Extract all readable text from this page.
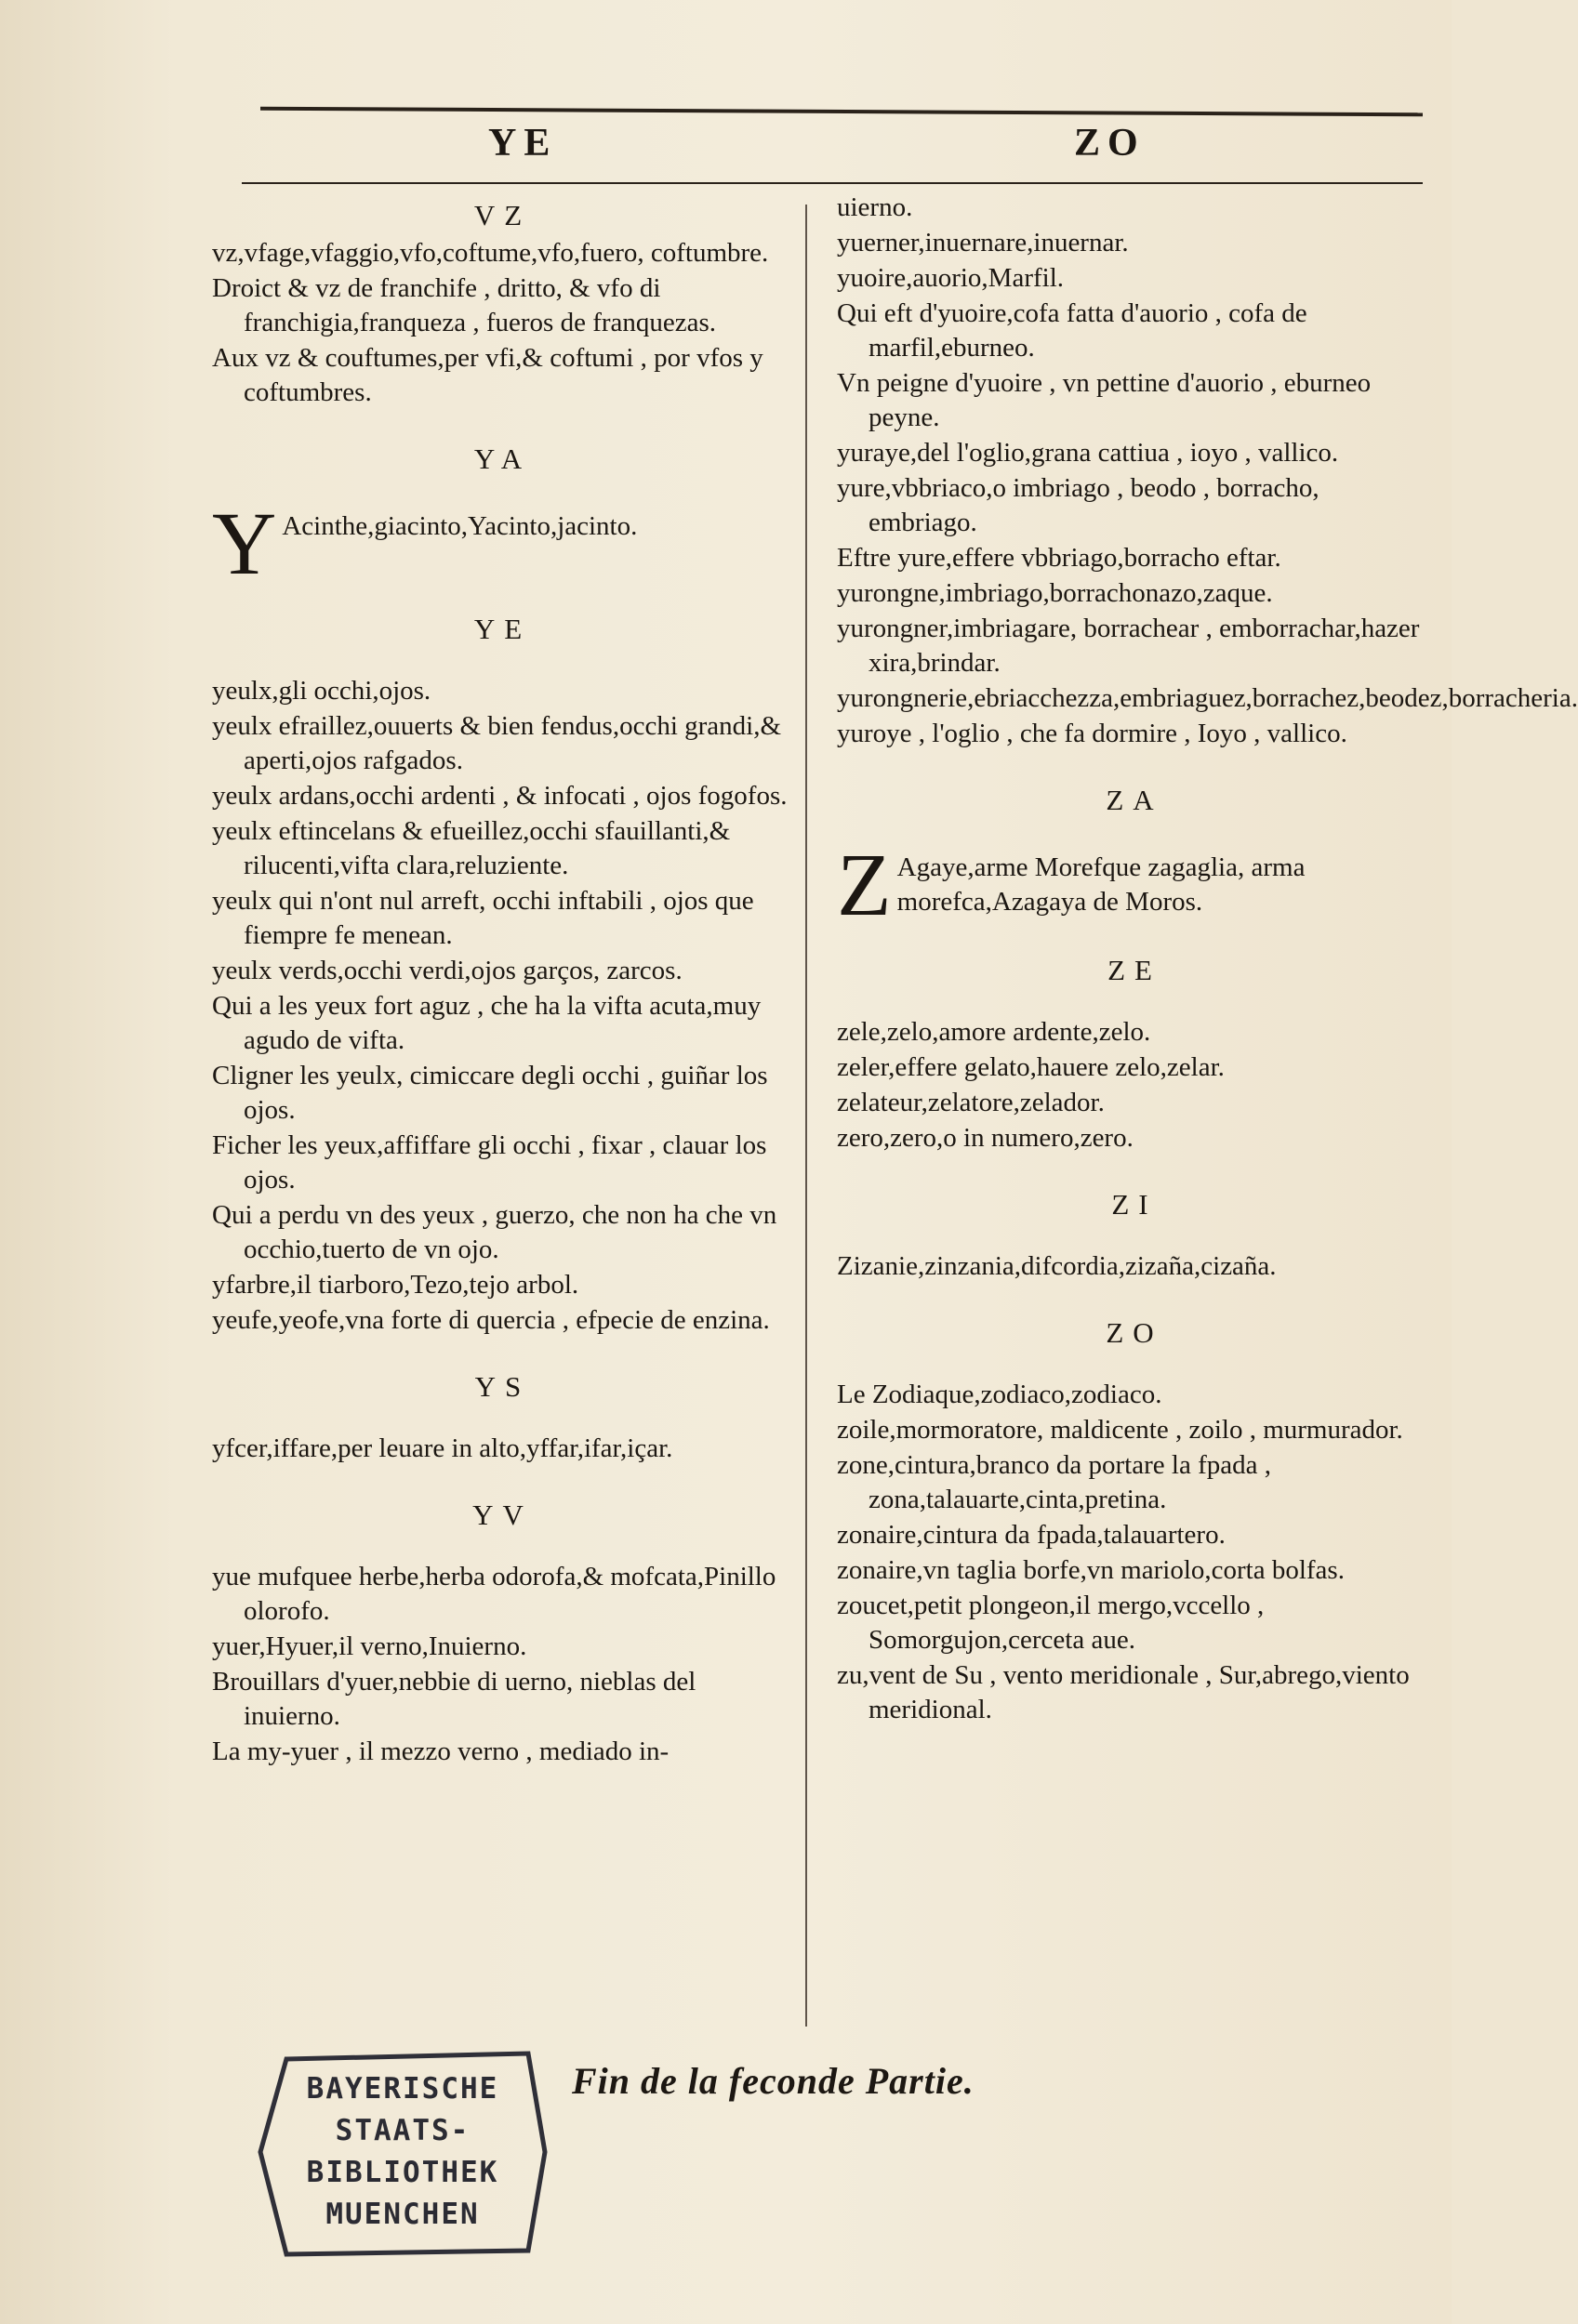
YE	ZO
VZ
vz,vfage,vfaggio,vfo,coftume,vfo,fuero, coftumbre.
Droict & vz de franchife , dritto, & vfo di franchigia,franqueza , fueros de franquezas.
Aux vz & couftumes,per vfi,& coftumi , por vfos y coftumbres.
YA
Y Acinthe,giacinto,Yacinto,jacinto.
YE
yeulx,gli occhi,ojos.
yeulx efraillez,ouuerts & bien fendus,occhi grandi,& aperti,ojos rafgados.
yeulx ardans,occhi ardenti , & infocati , ojos fogofos.
yeulx eftincelans & efueillez,occhi sfauillanti,& rilucenti,vifta clara,reluziente.
yeulx qui n'ont nul arreft, occhi inftabili , ojos que fiempre fe menean.
yeulx verds,occhi verdi,ojos garços, zarcos.
Qui a les yeux fort aguz , che ha la vifta acuta,muy agudo de vifta.
Cligner les yeulx, cimiccare degli occhi , guiñar los ojos.
Ficher les yeux,affiffare gli occhi , fixar , clauar los ojos.
Qui a perdu vn des yeux , guerzo, che non ha che vn occhio,tuerto de vn ojo.
yfarbre,il tiarboro,Tezo,tejo arbol.
yeufe,yeofe,vna forte di quercia , efpecie de enzina.
YS
yfcer,iffare,per leuare in alto,yffar,ifar,içar.
YV
yue mufquee herbe,herba odorofa,& mofcata,Pinillo olorofo.
yuer,Hyuer,il verno,Inuierno.
Brouillars d'yuer,nebbie di uerno, nieblas del inuierno.
La my-yuer , il mezzo verno , mediado in-
uierno.
yuerner,inuernare,inuernar.
yuoire,auorio,Marfil.
Qui eft d'yuoire,cofa fatta d'auorio , cofa de marfil,eburneo.
Vn peigne d'yuoire , vn pettine d'auorio , eburneo peyne.
yuraye,del l'oglio,grana cattiua , ioyo , vallico.
yure,vbbriaco,o imbriago , beodo , borracho, embriago.
Eftre yure,effere vbbriago,borracho eftar.
yurongne,imbriago,borrachonazo,zaque.
yurongner,imbriagare, borrachear , emborrachar,hazer xira,brindar.
yurongnerie,ebriacchezza,embriaguez,borrachez,beodez,borracheria.
yuroye , l'oglio , che fa dormire , Ioyo , vallico.
ZA
Z Agaye,arme Morefque zagaglia, arma morefca,Azagaya de Moros.
ZE
zele,zelo,amore ardente,zelo.
zeler,effere gelato,hauere zelo,zelar.
zelateur,zelatore,zelador.
zero,zero,o in numero,zero.
ZI
Zizanie,zinzania,difcordia,zizaña,cizaña.
ZO
Le Zodiaque,zodiaco,zodiaco.
zoile,mormoratore, maldicente , zoilo , murmurador.
zone,cintura,branco da portare la fpada , zona,talauarte,cinta,pretina.
zonaire,cintura da fpada,talauartero.
zonaire,vn taglia borfe,vn mariolo,corta bolfas.
zoucet,petit plongeon,il mergo,vccello , Somorgujon,cerceta aue.
zu,vent de Su , vento meridionale , Sur,abrego,viento meridional.
BAYERISCHE
STAATS-
BIBLIOTHEK
MUENCHEN
Fin de la feconde Partie.
